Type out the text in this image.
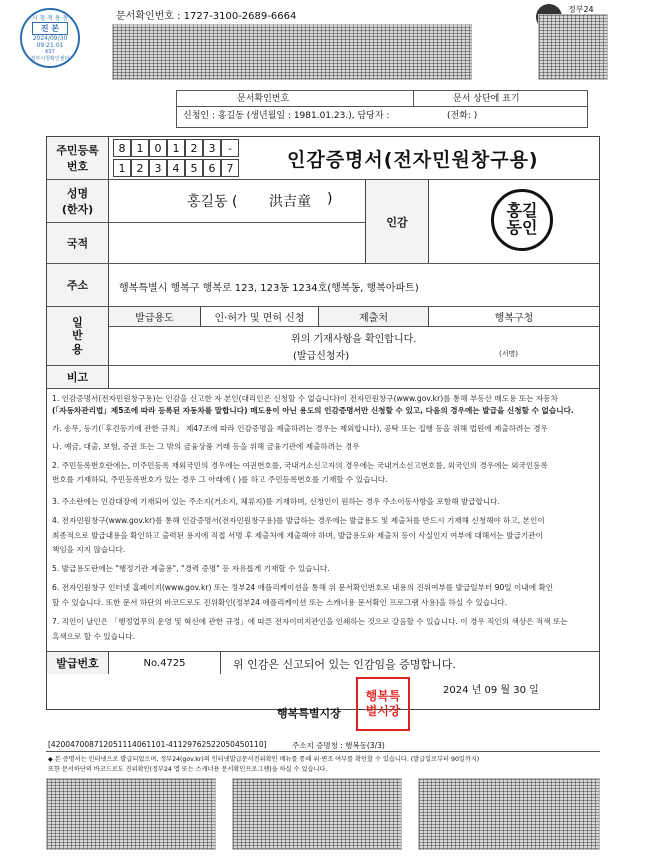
시 청 적 용 동
진 본
2024/09/30
09:21:01
KST
정부시청확인센터
문서확인번호 : 1727-3100-2689-6664
정부24
문서확인번호	문서 상단에 표기
신청인 : 홍길동 (생년월일 : 1981.01.23.), 담당자 :	(전화: )
주민등록
번호
8	1	0	1	2	3	-
1	2	3	4	5	6	7	인감증명서(전자민원창구용)
성명
(한자)	홍길동 ( 洪吉童 )
국적
인감
홍길
동인
주소	행복특별시 행복구 행복로 123, 123동 1234호(행복동, 행복아파트)
일
반
용
발급용도	인·허가 및 면허 신청	제출처	행복구청
위의 기재사항을 확인합니다.
(발급신청자)	(서명)
비고
발급번호	No.4725	위 인감은 신고되어 있는 인감임을 증명합니다.
2024 년 09 월 30 일
행복특별시장
1. 인감증명서(전자민원창구용)는 인감을 신고한 자 본인(대리인은 신청할 수 없습니다)이 전자민원창구(www.gov.kr)를 통해 부동산 매도용 또는 자동차
(「자동차관리법」제5조에 따라 등록된 자동차를 말합니다) 매도용이 아닌 용도의 인감증명서만 신청할 수 있고, 다음의 경우에는 발급을 신청할 수 없습니다.
가. 송무, 등기(「후견등기에 관한 규칙」 제47조에 따라 인감증명을 제출하려는 경우는 제외합니다), 공탁 또는 집행 등을 위해 법원에 제출하려는 경우
나. 예금, 대출, 보험, 증권 또는 그 밖의 금융상품 거래 등을 위해 금융기관에 제출하려는 경우
2. 주민등록번호란에는, 미주민등록 재외국민의 경우에는 여권번호를, 국내거소신고자의 경우에는 국내거소신고번호를, 외국인의 경우에는 외국인등록
번호를 기재하되, 주민등록번호가 있는 경우 그 아래에 ( )를 하고 주민등록번호를 기재할 수 있습니다.
3. 주소란에는 인감대장에 기재되어 있는 주소지(거소지, 체류지)를 기재하며, 신청인이 원하는 경우 주소이동사항을 포함해 발급합니다.
4. 전자민원창구(www.gov.kr)를 통해 인감증명서(전자민원창구용)를 발급하는 경우에는 발급용도 및 제출처를 반드시 기재해 신청해야 하고, 본인이
최종적으로 발급내용을 확인하고 출력된 용지에 직접 서명 후 제출처에 제출해야 하며, 발급용도와 제출처 등이 사실인지 여부에 대해서는 발급기관이
책임을 지지 않습니다.
5. 발급용도란에는 "행정기관 제출용", "경력 증명" 등 자유롭게 기재할 수 있습니다.
6. 전자민원창구 인터넷 홈페이지(www.gov.kr) 또는 정부24 애플리케이션을 통해 위 문서확인번호로 내용의 진위여부를 발급일부터 90일 이내에 확인
할 수 있습니다. 또한 문서 하단의 바코드로도 진위확인(정부24 애플리케이션 또는 스캐너용 문서확인 프로그램 사용)을 하실 수 있습니다.
7. 직인이 날인은 「행정업무의 운영 및 혁신에 관한 규정」에 따른 전자이미지관인을 인쇄하는 것으로 갈음할 수 있습니다. 이 경우 직인의 색상은 적색 또는
흑색으로 할 수 있습니다.
행복특
별시장
[420047008712051114061101-41129762522050450110]	주소지 증명청 : 행복동(3/3)
◆ 본 증명서는 인터넷으로 발급되었으며, 정부24(gov.kr)의 인터넷발급문서진위확인 메뉴를 통해 위·변조 여부를 확인할 수 있습니다. (발급일로부터 90일까지)
또한 문서하단의 바코드로도 진위확인(정부24 앱 또는 스캐너용 문서확인프로그램)을 하실 수 있습니다.
